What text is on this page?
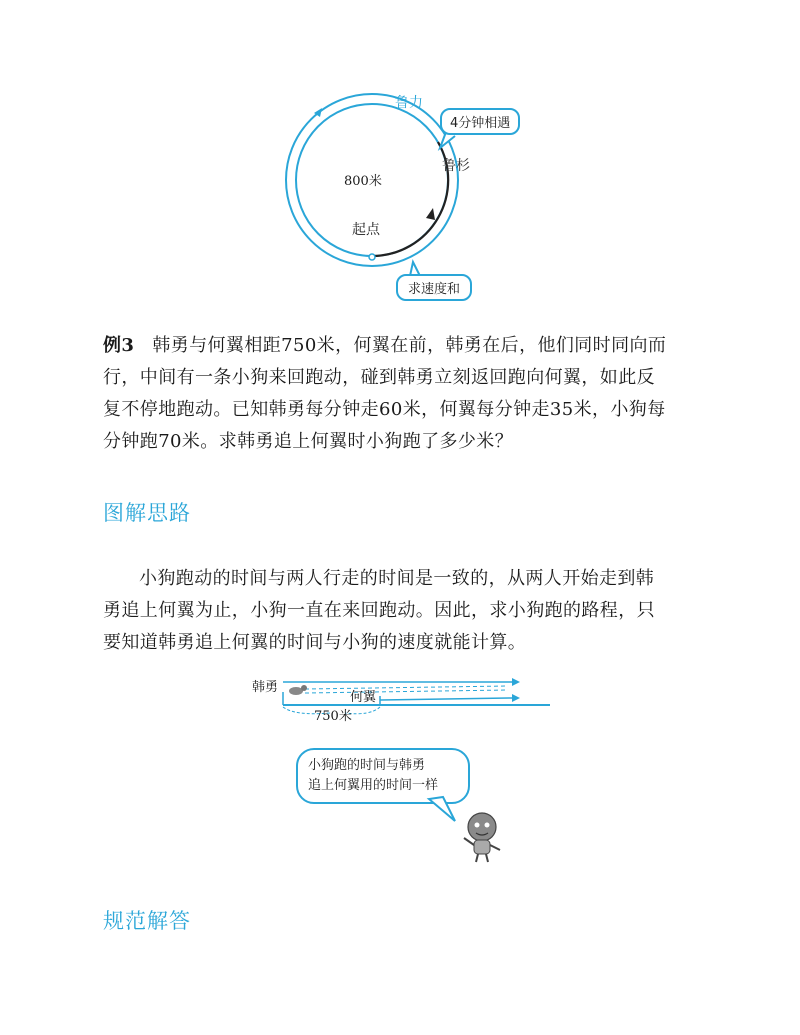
鲁力
鲁杉
800米
起点
4分钟相遇
求速度和
例3 韩勇与何翼相距750米，何翼在前，韩勇在后，他们同时同向而
行，中间有一条小狗来回跑动，碰到韩勇立刻返回跑向何翼，如此反
复不停地跑动。已知韩勇每分钟走60米，何翼每分钟走35米，小狗每
分钟跑70米。求韩勇追上何翼时小狗跑了多少米？
图解思路
小狗跑动的时间与两人行走的时间是一致的，从两人开始走到韩
勇追上何翼为止，小狗一直在来回跑动。因此，求小狗跑的路程，只
要知道韩勇追上何翼的时间与小狗的速度就能计算。
韩勇
何翼
750米
小狗跑的时间与韩勇
追上何翼用的时间一样
规范解答
